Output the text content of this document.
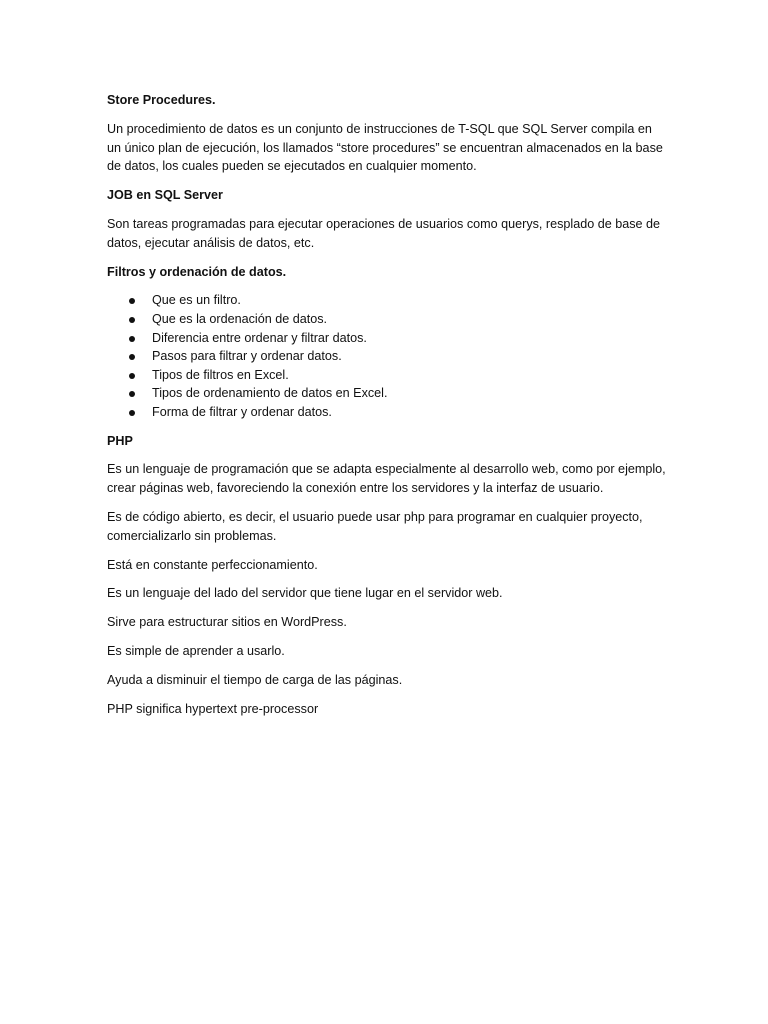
Store Procedures.

Un procedimiento de datos es un conjunto de instrucciones de T-SQL que SQL Server compila en un único plan de ejecución, los llamados “store procedures” se encuentran almacenados en la base de datos, los cuales pueden se ejecutados en cualquier momento.

JOB en SQL Server

Son tareas programadas para ejecutar operaciones de usuarios como querys, resplado de base de datos, ejecutar análisis de datos, etc.

Filtros y ordenación de datos.
Que es un filtro.
Que es la ordenación de datos.
Diferencia entre ordenar y filtrar datos.
Pasos para filtrar y ordenar datos.
Tipos de filtros en Excel.
Tipos de ordenamiento de datos en Excel.
Forma de filtrar y ordenar datos.
PHP

Es un lenguaje de programación que se adapta especialmente al desarrollo web, como por ejemplo, crear páginas web, favoreciendo la conexión entre los servidores y la interfaz de usuario.

Es de código abierto, es decir, el usuario puede usar php para programar en cualquier proyecto, comercializarlo sin problemas.

Está en constante perfeccionamiento.

Es un lenguaje del lado del servidor que tiene lugar en el servidor web.

Sirve para estructurar sitios en WordPress.

Es simple de aprender a usarlo.

Ayuda a disminuir el tiempo de carga de las páginas.

PHP significa hypertext pre-processor
